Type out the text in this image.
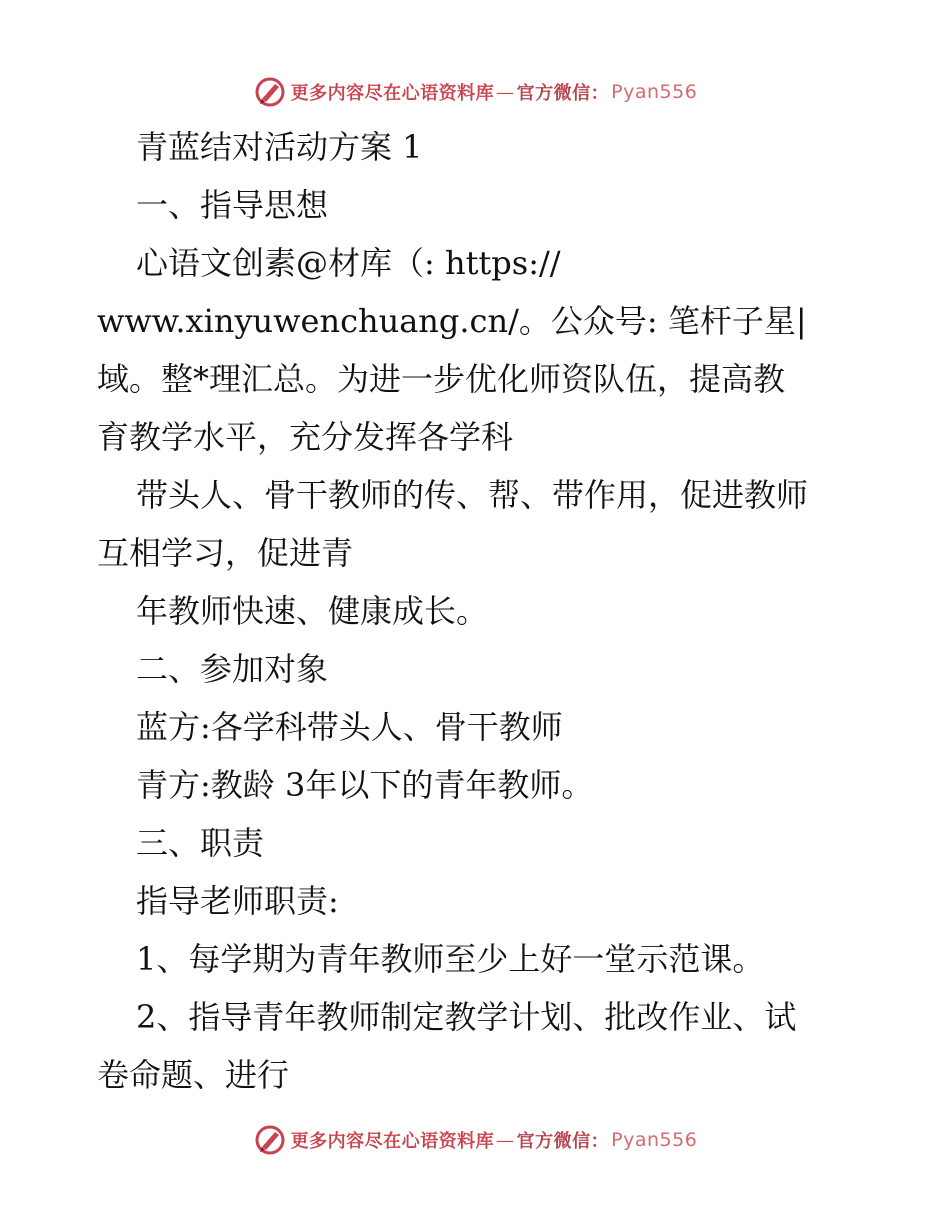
更多内容尽在心语资料库 — 官方微信： Pyan556
青蓝结对活动方案 1
一、指导思想
心语文创素@材库（: https://
www.xinyuwenchuang.cn/。公众号: 笔杆子星|
域。整*理汇总。为进一步优化师资队伍，提高教
育教学水平，充分发挥各学科
带头人、骨干教师的传、帮、带作用，促进教师
互相学习，促进青
年教师快速、健康成长。
二、参加对象
蓝方:各学科带头人、骨干教师
青方:教龄 3年以下的青年教师。
三、职责
指导老师职责:
1、每学期为青年教师至少上好一堂示范课。
2、指导青年教师制定教学计划、批改作业、试
卷命题、进行
更多内容尽在心语资料库 — 官方微信： Pyan556
